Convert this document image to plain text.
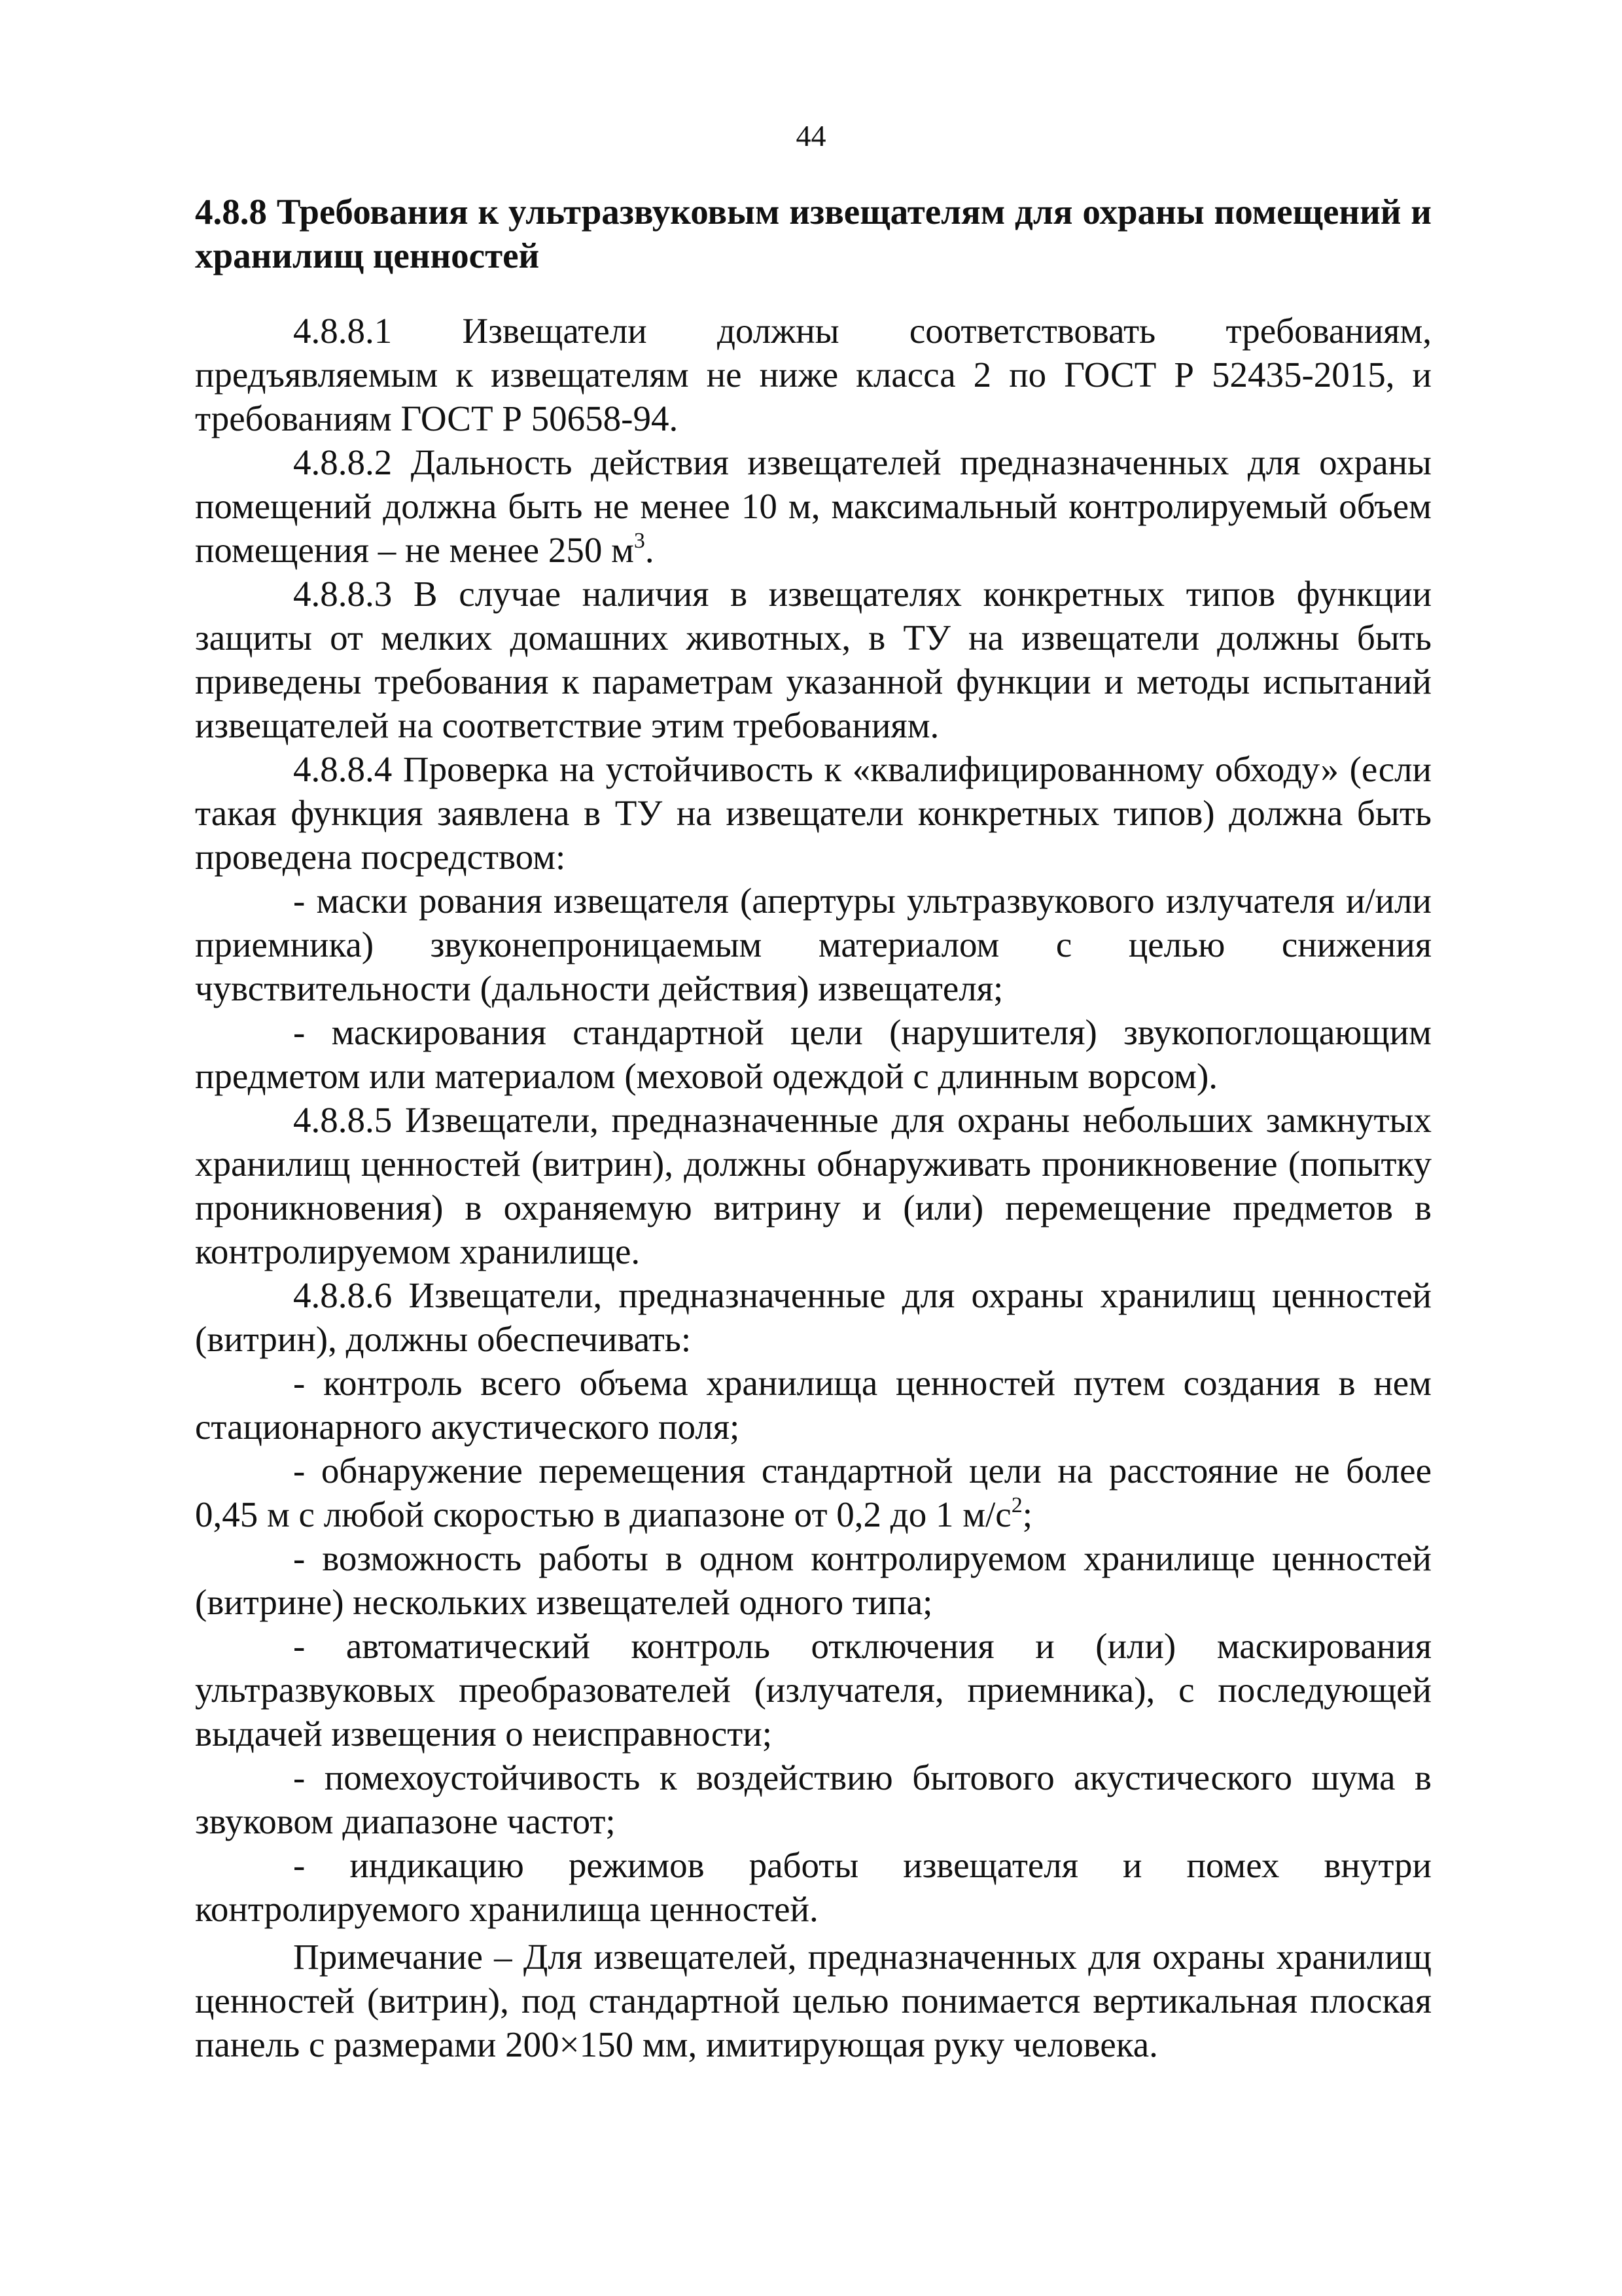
44
4.8.8 Требования к ультразвуковым извещателям для охраны помещений и хранилищ ценностей

4.8.8.1 Извещатели должны соответствовать требованиям, предъявляемым к извещателям не ниже класса 2 по ГОСТ Р 52435-2015, и требованиям ГОСТ Р 50658-94.

4.8.8.2 Дальность действия извещателей предназначенных для охраны помещений должна быть не менее 10 м, максимальный контролируемый объем помещения – не менее 250 $м^3$.

4.8.8.3 В случае наличия в извещателях конкретных типов функции защиты от мелких домашних животных, в ТУ на извещатели должны быть приведены требования к параметрам указанной функции и методы испытаний извещателей на соответствие этим требованиям.

4.8.8.4 Проверка на устойчивость к «квалифицированному обходу» (если такая функция заявлена в ТУ на извещатели конкретных типов) должна быть проведена посредством:

- маски рования извещателя (апертуры ультразвукового излучателя и/или приемника) звуконепроницаемым материалом с целью снижения чувствительности (дальности действия) извещателя;

- маскирования стандартной цели (нарушителя) звукопоглощающим предметом или материалом (меховой одеждой с длинным ворсом).

4.8.8.5 Извещатели, предназначенные для охраны небольших замкнутых хранилищ ценностей (витрин), должны обнаруживать проникновение (попытку проникновения) в охраняемую витрину и (или) перемещение предметов в контролируемом хранилище.

4.8.8.6 Извещатели, предназначенные для охраны хранилищ ценностей (витрин), должны обеспечивать:

- контроль всего объема хранилища ценностей путем создания в нем стационарного акустического поля;

- обнаружение перемещения стандартной цели на расстояние не более 0,45 м с любой скоростью в диапазоне от 0,2 до 1 $м/с^2$;

- возможность работы в одном контролируемом хранилище ценностей (витрине) нескольких извещателей одного типа;

- автоматический контроль отключения и (или) маскирования ультразвуковых преобразователей (излучателя, приемника), с последующей выдачей извещения о неисправности;

- помехоустойчивость к воздействию бытового акустического шума в звуковом диапазоне частот;

- индикацию режимов работы извещателя и помех внутри контролируемого хранилища ценностей.

Примечание – Для извещателей, предназначенных для охраны хранилищ ценностей (витрин), под стандартной целью понимается вертикальная плоская панель с размерами 200×150 мм, имитирующая руку человека.
